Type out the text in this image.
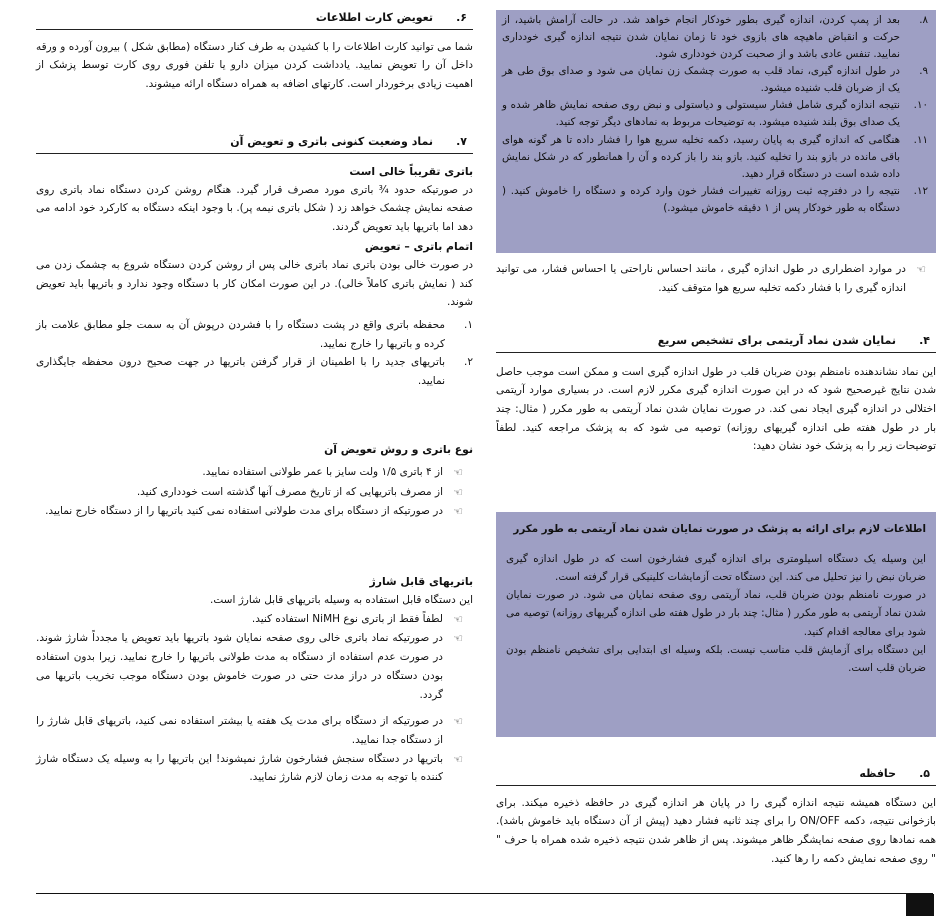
۸.
بعد از پمپ کردن، اندازه گیری بطور خودکار انجام خواهد شد. در حالت آرامش باشید، از حرکت و انقباض ماهیچه های بازوی خود تا زمان نمایان شدن نتیجه اندازه گیری خودداری نمایید. تنفس عادی باشد و از صحبت کردن خودداری شود.
۹.
در طول اندازه گیری، نماد قلب به صورت چشمک زن نمایان می شود و صدای بوق طی هر یک از ضربان قلب شنیده میشود.
۱۰.
نتیجه اندازه گیری شامل فشار سیستولی و دیاستولی و نبض روی صفحه نمایش ظاهر شده و یک صدای بوق بلند شنیده میشود. به توضیحات مربوط به نمادهای دیگر توجه کنید.
۱۱.
هنگامی که اندازه گیری به پایان رسید، دکمه تخلیه سریع هوا را فشار داده تا هر گونه هوای باقی مانده در بازو بند را تخلیه کنید. بازو بند را باز کرده و آن را همانطور که در شکل نمایش داده شده است در دستگاه قرار دهید.
۱۲.
نتیجه را در دفترچه ثبت روزانه تغییرات فشار خون وارد کرده و دستگاه را خاموش کنید. ( دستگاه به طور خودکار پس از ۱ دقیقه خاموش میشود.)
☜
در موارد اضطراری در طول اندازه گیری ، مانند احساس ناراحتی یا احساس فشار، می توانید اندازه گیری را با فشار دکمه تخلیه سریع هوا متوقف کنید.
۴.
نمایان شدن نماد آریتمی برای تشخیص سریع

این نماد نشاندهنده نامنظم بودن ضربان قلب در طول اندازه گیری است و ممکن است موجب حاصل شدن نتایج غیرصحیح شود که در این صورت اندازه گیری مکرر لازم است. در بسیاری موارد آریتمی اختلالی در اندازه گیری ایجاد نمی کند. در صورت نمایان شدن نماد آریتمی به طور مکرر ( مثال: چند بار در طول هفته طی اندازه گیریهای روزانه) توصیه می شود که به پزشک مراجعه کنید. لطفاً توضیحات زیر را به پزشک خود نشان دهید:

اطلاعات لازم برای ارائه به پزشک در صورت نمایان شدن نماد آریتمی به طور مکرر

این وسیله یک دستگاه اسیلومتری برای اندازه گیری فشارخون است که در طول اندازه گیری ضربان نبض را نیز تحلیل می کند. این دستگاه تحت آزمایشات کلینیکی قرار گرفته است.

در صورت نامنظم بودن ضربان قلب، نماد آریتمی روی صفحه نمایان می شود. در صورت نمایان شدن نماد آریتمی به طور مکرر ( مثال: چند بار در طول هفته طی اندازه گیریهای روزانه) توصیه می شود برای معالجه اقدام کنید.

این دستگاه برای آزمایش قلب مناسب نیست. بلکه وسیله ای ابتدایی برای تشخیص نامنظم بودن ضربان قلب است.

۵.
حافظه

این دستگاه همیشه نتیجه اندازه گیری را در پایان هر اندازه گیری در حافظه ذخیره میکند. برای بازخوانی نتیجه، دکمه ON/OFF را برای چند ثانیه فشار دهید (پیش از آن دستگاه باید خاموش باشد). همه نمادها روی صفحه نمایشگر ظاهر میشوند. پس از ظاهر شدن نتیجه ذخیره شده همراه با حرف " " روی صفحه نمایش دکمه را رها کنید.

۶.
تعویض کارت اطلاعات

شما می توانید کارت اطلاعات را با کشیدن به طرف کنار دستگاه (مطابق شکل ) بیرون آورده و ورقه داخل آن را تعویض نمایید. یادداشت کردن میزان دارو یا تلفن فوری روی کارت توسط پزشک از اهمیت زیادی برخوردار است. کارتهای اضافه به همراه دستگاه ارائه میشوند.

۷.
نماد وضعیت کنونی باتری و تعویض آن
باتری تقریباً خالی است

در صورتیکه حدود ¾ باتری مورد مصرف قرار گیرد. هنگام روشن کردن دستگاه نماد باتری روی صفحه نمایش چشمک خواهد زد ( شکل باتری نیمه پر). با وجود اینکه دستگاه به کارکرد خود ادامه می دهد اما باتریها باید تعویض گردند.

اتمام باتری – تعویض

در صورت خالی بودن باتری نماد باتری خالی پس از روشن کردن دستگاه شروع به چشمک زدن می کند ( نمایش باتری کاملاً خالی). در این صورت امکان کار با دستگاه وجود ندارد و باتریها باید تعویض شوند.

۱.
محفظه باتری واقع در پشت دستگاه را با فشردن درپوش آن به سمت جلو مطابق علامت باز کرده و باتریها را خارج نمایید.
۲.
باتریهای جدید را با اطمینان از قرار گرفتن باتریها در جهت صحیح درون محفظه جایگذاری نمایید.
نوع باتری و روش تعویض آن
☜
از ۴ باتری ۱/۵ ولت سایز با عمر طولانی استفاده نمایید.
☜
از مصرف باتریهایی که از تاریخ مصرف آنها گذشته است خودداری کنید.
☜
در صورتیکه از دستگاه برای مدت طولانی استفاده نمی کنید باتریها را از دستگاه خارج نمایید.
باتریهای قابل شارژ

این دستگاه قابل استفاده به وسیله باتریهای قابل شارژ است.

☜
لطفاً فقط از باتری نوع NiMH استفاده کنید.
☜
در صورتیکه نماد باتری خالی روی صفحه نمایان شود باتریها باید تعویض یا مجدداً شارژ شوند. در صورت عدم استفاده از دستگاه به مدت طولانی باتریها را خارج نمایید. زیرا بدون استفاده بودن دستگاه در دراز مدت حتی در صورت خاموش بودن دستگاه موجب تخریب باتریها می گردد.
☜
در صورتیکه از دستگاه برای مدت یک هفته یا بیشتر استفاده نمی کنید، باتریهای قابل شارژ را از دستگاه جدا نمایید.
☜
باتریها در دستگاه سنجش فشارخون شارژ نمیشوند! این باتریها را به وسیله یک دستگاه شارژ کننده با توجه به مدت زمان لازم شارژ نمایید.
